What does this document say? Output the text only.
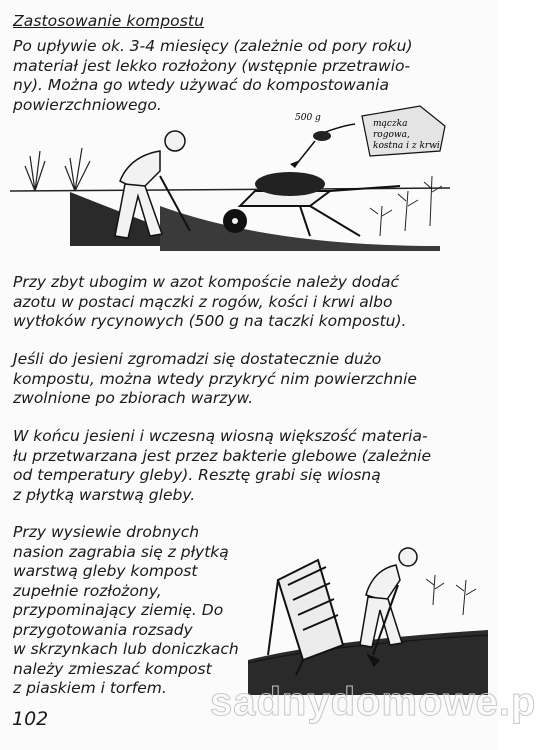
Zastosowanie kompostu

Po upływie ok. 3-4 miesięcy (zależnie od pory roku)
materiał jest lekko rozłożony (wstępnie przetrawio-
ny). Można go wtedy używać do kompostowania
powierzchniowego.

500 g
mączka
rogowa,
kostna i z krwi

Przy zbyt ubogim w azot kompoście należy dodać
azotu w postaci mączki z rogów, kości i krwi albo
wytłoków rycynowych (500 g na taczki kompostu).

Jeśli do jesieni zgromadzi się dostatecznie dużo
kompostu, można wtedy przykryć nim powierzchnie
zwolnione po zbiorach warzyw.

W końcu jesieni i wczesną wiosną większość materia-
łu przetwarzana jest przez bakterie glebowe (zależnie
od temperatury gleby). Resztę grabi się wiosną
z płytką warstwą gleby.

Przy wysiewie drobnych
nasion zagrabia się z płytką
warstwą gleby kompost
zupełnie rozłożony,
przypominający ziemię. Do
przygotowania rozsady
w skrzynkach lub doniczkach
należy zmieszać kompost
z piaskiem i torfem.	sadnydomowe.p
102
